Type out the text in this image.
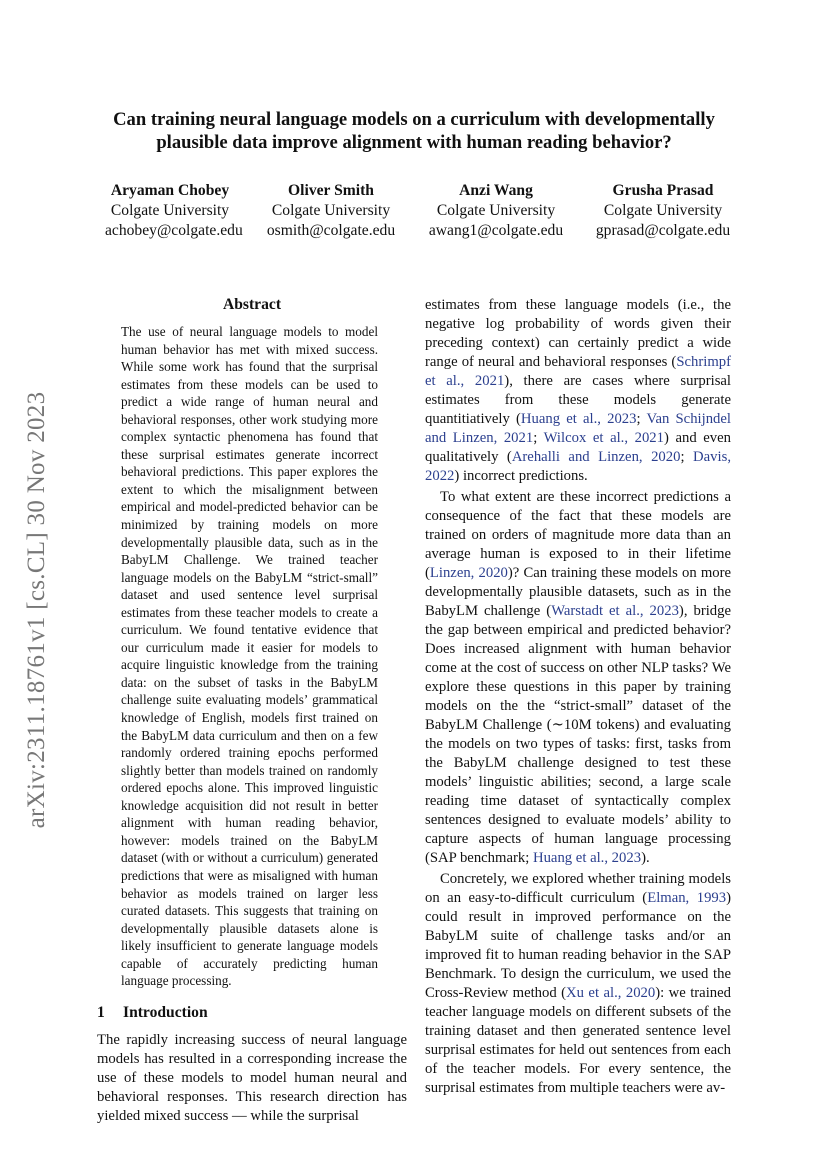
arXiv:2311.18761v1 [cs.CL] 30 Nov 2023
Can training neural language models on a curriculum with developmentally
plausible data improve alignment with human reading behavior?
Aryaman Chobey
Colgate University
achobey@colgate.edu
Oliver Smith
Colgate University
osmith@colgate.edu
Anzi Wang
Colgate University
awang1@colgate.edu
Grusha Prasad
Colgate University
gprasad@colgate.edu
Abstract

The use of neural language models to model human behavior has met with mixed success. While some work has found that the surprisal estimates from these models can be used to predict a wide range of human neural and behavioral responses, other work studying more complex syntactic phenomena has found that these surprisal estimates generate incorrect behavioral predictions. This paper explores the extent to which the misalignment between empirical and model-predicted behavior can be minimized by training models on more developmentally plausible data, such as in the BabyLM Challenge. We trained teacher language models on the BabyLM “strict-small” dataset and used sentence level surprisal estimates from these teacher models to create a curriculum. We found tentative evidence that our curriculum made it easier for models to acquire linguistic knowledge from the training data: on the subset of tasks in the BabyLM challenge suite evaluating models’ grammatical knowledge of English, models first trained on the BabyLM data curriculum and then on a few randomly ordered training epochs performed slightly better than models trained on randomly ordered epochs alone. This improved linguistic knowledge acquisition did not result in better alignment with human reading behavior, however: models trained on the BabyLM dataset (with or without a curriculum) generated predictions that were as misaligned with human behavior as models trained on larger less curated datasets. This suggests that training on developmentally plausible datasets alone is likely insufficient to generate language models capable of accurately predicting human language processing.

1 Introduction

The rapidly increasing success of neural language models has resulted in a corresponding increase the use of these models to model human neural and behavioral responses. This research direction has yielded mixed success — while the surprisal

estimates from these language models (i.e., the negative log probability of words given their preceding context) can certainly predict a wide range of neural and behavioral responses (Schrimpf et al., 2021), there are cases where surprisal estimates from these models generate quantitiatively (Huang et al., 2023; Van Schijndel and Linzen, 2021; Wilcox et al., 2021) and even qualitatively (Arehalli and Linzen, 2020; Davis, 2022) incorrect predictions.

To what extent are these incorrect predictions a consequence of the fact that these models are trained on orders of magnitude more data than an average human is exposed to in their lifetime (Linzen, 2020)? Can training these models on more developmentally plausible datasets, such as in the BabyLM challenge (Warstadt et al., 2023), bridge the gap between empirical and predicted behavior? Does increased alignment with human behavior come at the cost of success on other NLP tasks? We explore these questions in this paper by training models on the the “strict-small” dataset of the BabyLM Challenge (∼10M tokens) and evaluating the models on two types of tasks: first, tasks from the BabyLM challenge designed to test these models’ linguistic abilities; second, a large scale reading time dataset of syntactically complex sentences designed to evaluate models’ ability to capture aspects of human language processing (SAP benchmark; Huang et al., 2023).

Concretely, we explored whether training models on an easy-to-difficult curriculum (Elman, 1993) could result in improved performance on the BabyLM suite of challenge tasks and/or an improved fit to human reading behavior in the SAP Benchmark. To design the curriculum, we used the Cross-Review method (Xu et al., 2020): we trained teacher language models on different subsets of the training dataset and then generated sentence level surprisal estimates for held out sentences from each of the teacher models. For every sentence, the surprisal estimates from multiple teachers were av-
